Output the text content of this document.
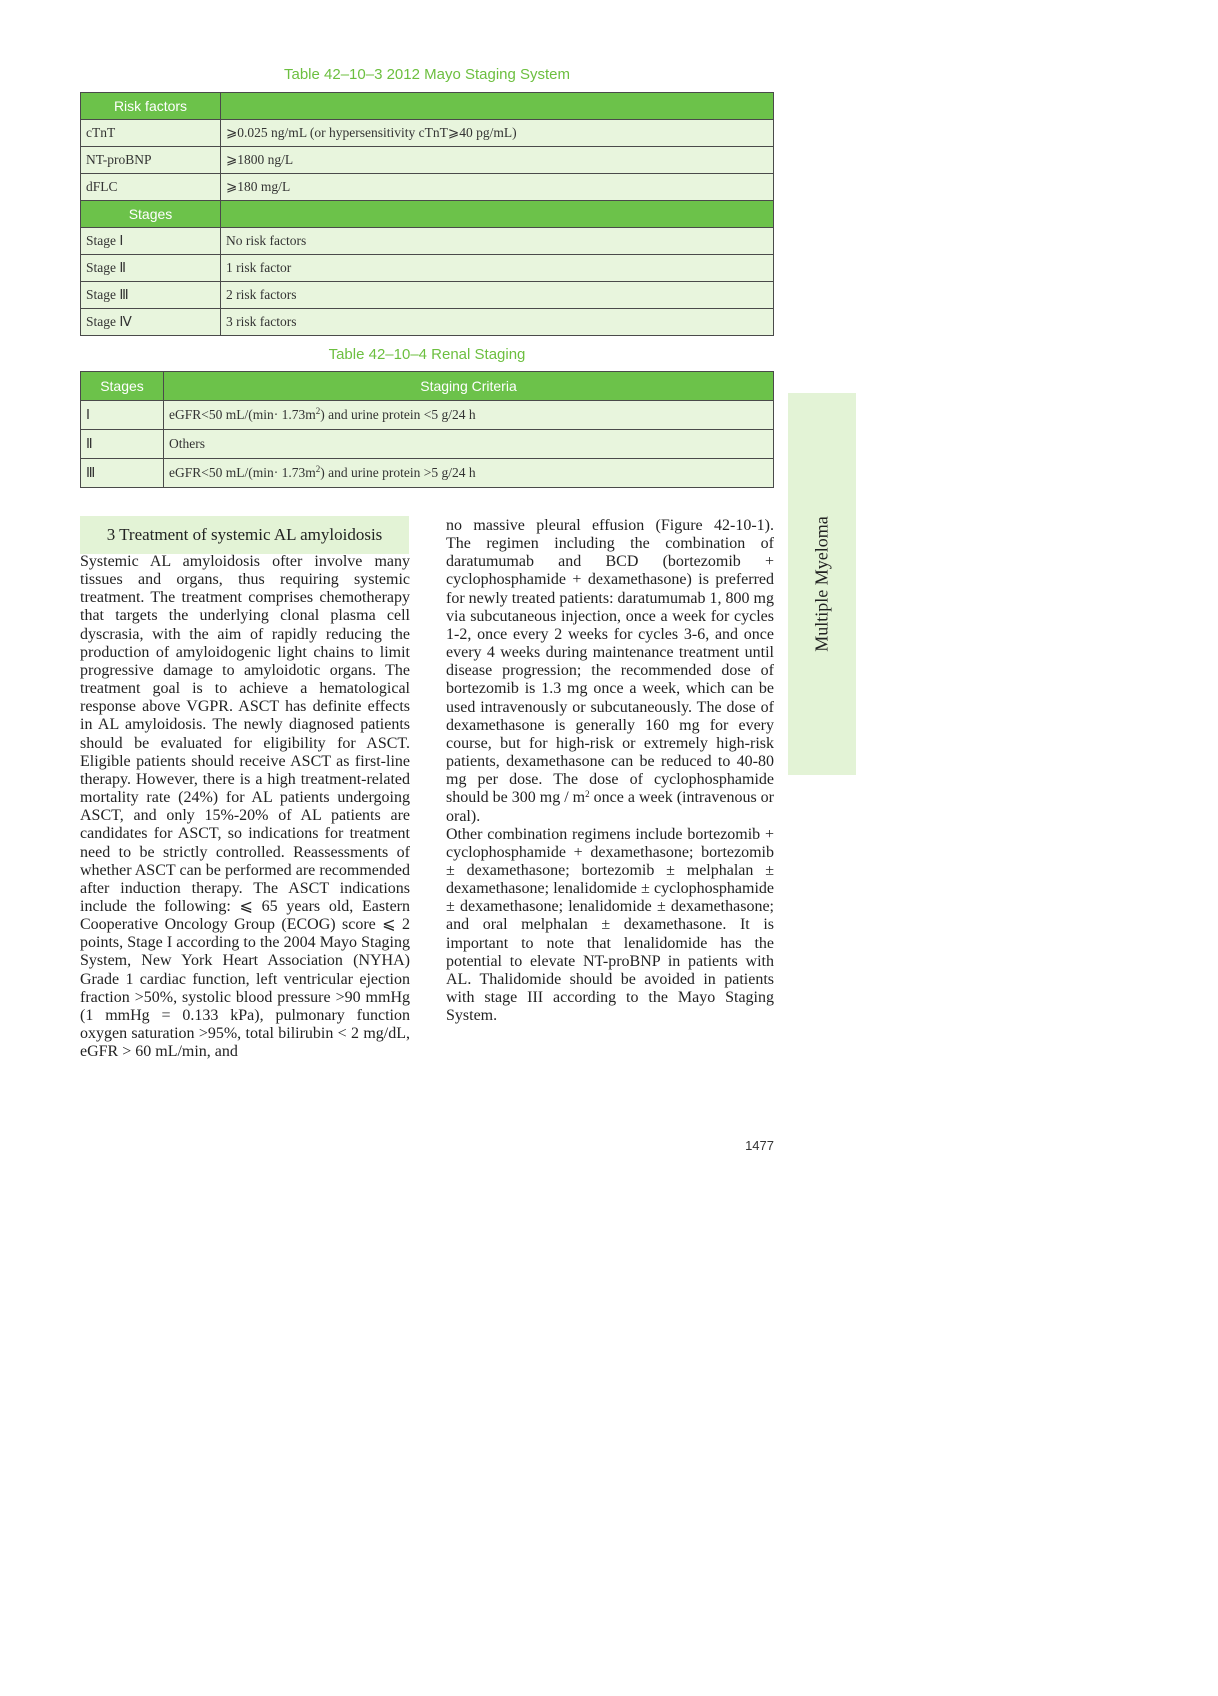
Table 42–10–3 2012 Mayo Staging System
Risk factors	
cTnT	⩾0.025 ng/mL (or hypersensitivity cTnT⩾40 pg/mL)
NT-proBNP	⩾1800 ng/L
dFLC	⩾180 mg/L
Stages	
Stage Ⅰ	No risk factors
Stage Ⅱ	1 risk factor
Stage Ⅲ	2 risk factors
Stage Ⅳ	3 risk factors
Table 42–10–4 Renal Staging
Stages	Staging Criteria
Ⅰ	eGFR<50 $mL/(\min\cdot 1.73m^2)$ and urine protein <5 g/24 h
Ⅱ	Others
Ⅲ	eGFR<50 $mL/(\min\cdot 1.73m^2)$ and urine protein >5 g/24 h
Multiple Myeloma
3 Treatment of systemic AL amyloidosis

Systemic AL amyloidosis ofter involve many tissues and organs, thus requiring systemic treatment. The treatment comprises chemotherapy that targets the underlying clonal plasma cell dyscrasia, with the aim of rapidly reducing the production of amyloidogenic light chains to limit progressive damage to amyloidotic organs. The treatment goal is to achieve a hematological response above VGPR. ASCT has definite effects in AL amyloidosis. The newly diagnosed patients should be evaluated for eligibility for ASCT. Eligible patients should receive ASCT as first-line therapy. However, there is a high treatment-related mortality rate (24%) for AL patients undergoing ASCT, and only 15%-20% of AL patients are candidates for ASCT, so indications for treatment need to be strictly controlled. Reassessments of whether ASCT can be performed are recommended after induction therapy. The ASCT indications include the following: ⩽ 65 years old, Eastern Cooperative Oncology Group (ECOG) score ⩽ 2 points, Stage I according to the 2004 Mayo Staging System, New York Heart Association (NYHA) Grade 1 cardiac function, left ventricular ejection fraction >50%, systolic blood pressure >90 mmHg (1 mmHg = 0.133 kPa), pulmonary function oxygen saturation >95%, total bilirubin < 2 mg/dL, eGFR > 60 mL/min, and

no massive pleural effusion (Figure 42-10-1).

The regimen including the combination of daratumumab and BCD (bortezomib + cyclophosphamide + dexamethasone) is preferred for newly treated patients: daratumumab 1, 800 mg via subcutaneous injection, once a week for cycles 1-2, once every 2 weeks for cycles 3-6, and once every 4 weeks during maintenance treatment until disease progression; the recommended dose of bortezomib is 1.3 mg once a week, which can be used intravenously or subcutaneously. The dose of dexamethasone is generally 160 mg for every course, but for high-risk or extremely high-risk patients, dexamethasone can be reduced to 40-80 mg per dose. The dose of cyclophosphamide should be 300 mg / $m^2$ once a week (intravenous or oral).

Other combination regimens include bortezomib + cyclophosphamide + dexamethasone; bortezomib ± dexamethasone; bortezomib ± melphalan ± dexamethasone; lenalidomide ± cyclophosphamide ± dexamethasone; lenalidomide ± dexamethasone; and oral melphalan ± dexamethasone. It is important to note that lenalidomide has the potential to elevate NT-proBNP in patients with AL. Thalidomide should be avoided in patients with stage III according to the Mayo Staging System.

1477
